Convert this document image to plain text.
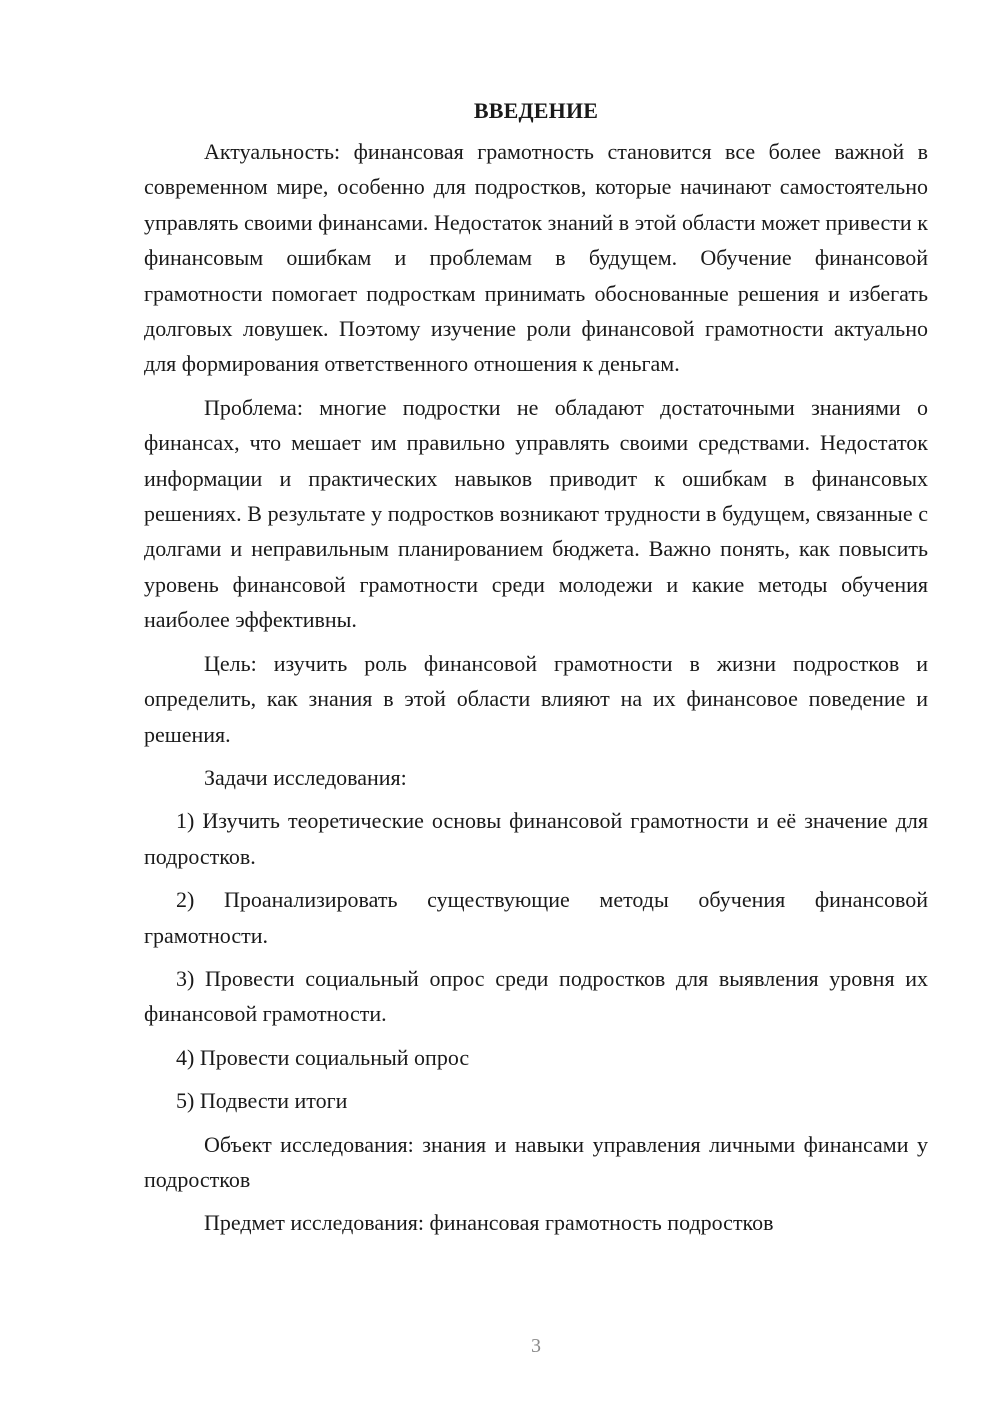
ВВЕДЕНИЕ

Актуальность: финансовая грамотность становится все более важной в современном мире, особенно для подростков, которые начинают самостоятельно управлять своими финансами. Недостаток знаний в этой области может привести к финансовым ошибкам и проблемам в будущем. Обучение финансовой грамотности помогает подросткам принимать обоснованные решения и избегать долговых ловушек. Поэтому изучение роли финансовой грамотности актуально для формирования ответственного отношения к деньгам.

Проблема: многие подростки не обладают достаточными знаниями о финансах, что мешает им правильно управлять своими средствами. Недостаток информации и практических навыков приводит к ошибкам в финансовых решениях. В результате у подростков возникают трудности в будущем, связанные с долгами и неправильным планированием бюджета. Важно понять, как повысить уровень финансовой грамотности среди молодежи и какие методы обучения наиболее эффективны.

Цель: изучить роль финансовой грамотности в жизни подростков и определить, как знания в этой области влияют на их финансовое поведение и решения.

Задачи исследования:

1) Изучить теоретические основы финансовой грамотности и её значение для подростков.

2) Проанализировать существующие методы обучения финансовой грамотности.

3) Провести социальный опрос среди подростков для выявления уровня их финансовой грамотности.

4) Провести социальный опрос

5) Подвести итоги

Объект исследования: знания и навыки управления личными финансами у подростков

Предмет исследования: финансовая грамотность подростков

3
